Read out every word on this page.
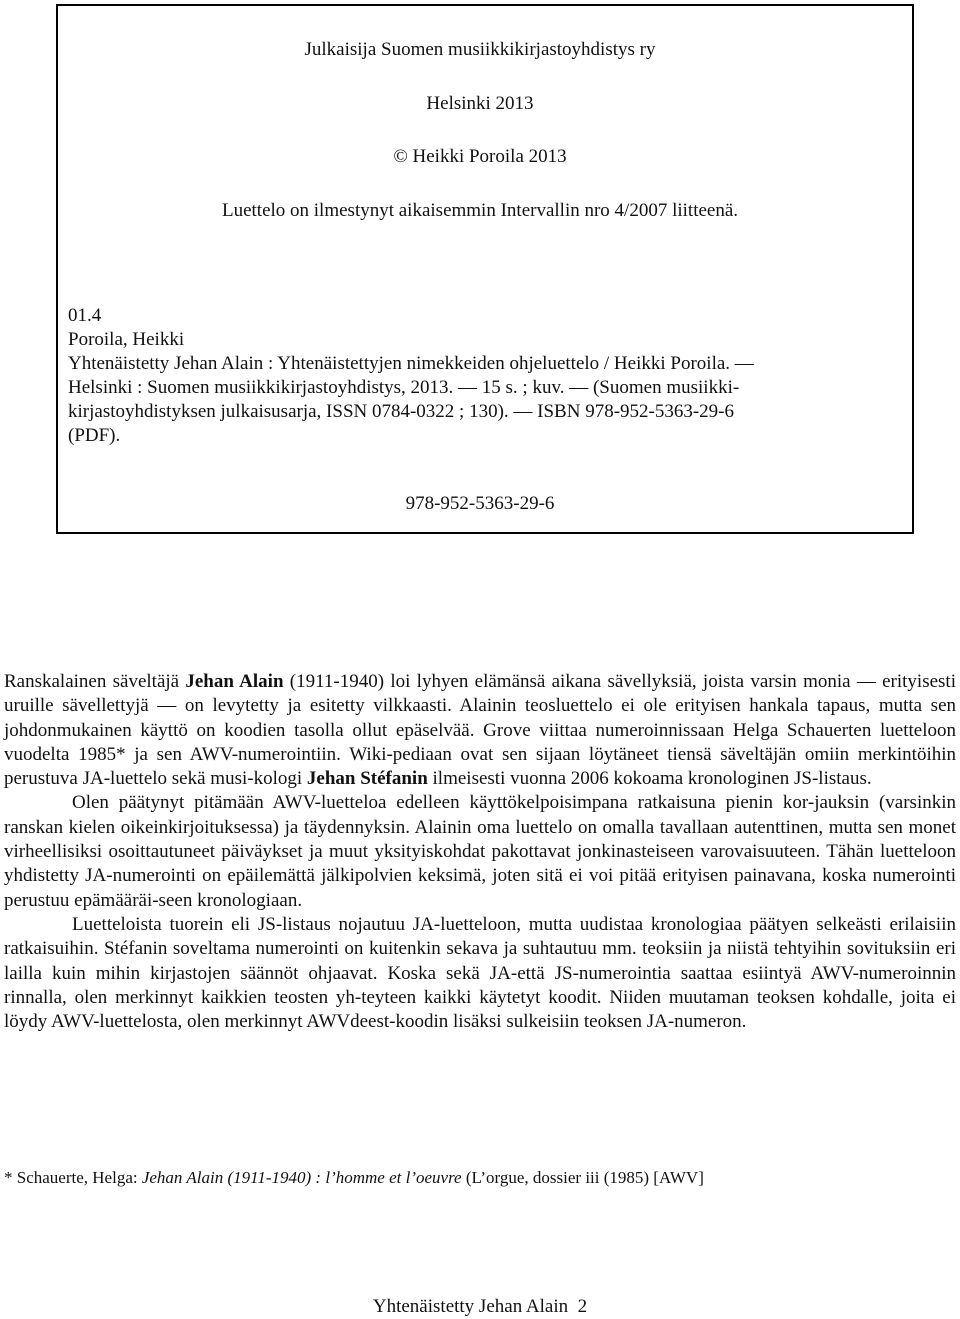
Julkaisija Suomen musiikkikirjastoyhdistys ry
Helsinki 2013
© Heikki Poroila 2013
Luettelo on ilmestynyt aikaisemmin Intervallin nro 4/2007 liitteenä.
01.4
Poroila, Heikki
Yhtenäistetty Jehan Alain : Yhtenäistettyjen nimekkeiden ohjeluettelo / Heikki Poroila. —
Helsinki : Suomen musiikkikirjastoyhdistys, 2013. — 15 s. ; kuv. — (Suomen musiikki-
kirjastoyhdistyksen julkaisusarja, ISSN 0784-0322 ; 130). — ISBN 978-952-5363-29-6
(PDF).
978-952-5363-29-6

Ranskalainen säveltäjä Jehan Alain (1911-1940) loi lyhyen elämänsä aikana sävellyksiä, joista varsin monia — erityisesti uruille sävellettyjä — on levytetty ja esitetty vilkkaasti. Alainin teosluettelo ei ole erityisen hankala tapaus, mutta sen johdonmukainen käyttö on koodien tasolla ollut epäselvää. Grove viittaa numeroinnissaan Helga Schauerten luetteloon vuodelta 1985* ja sen AWV-numerointiin. Wiki-pediaan ovat sen sijaan löytäneet tiensä säveltäjän omiin merkintöihin perustuva JA-luettelo sekä musi-kologi Jehan Stéfanin ilmeisesti vuonna 2006 kokoama kronologinen JS-listaus.

Olen päätynyt pitämään AWV-luetteloa edelleen käyttökelpoisimpana ratkaisuna pienin kor-jauksin (varsinkin ranskan kielen oikeinkirjoituksessa) ja täydennyksin. Alainin oma luettelo on omalla tavallaan autenttinen, mutta sen monet virheellisiksi osoittautuneet päiväykset ja muut yksityiskohdat pakottavat jonkinasteiseen varovaisuuteen. Tähän luetteloon yhdistetty JA-numerointi on epäilemättä jälkipolvien keksimä, joten sitä ei voi pitää erityisen painavana, koska numerointi perustuu epämääräi-seen kronologiaan.

Luetteloista tuorein eli JS-listaus nojautuu JA-luetteloon, mutta uudistaa kronologiaa päätyen selkeästi erilaisiin ratkaisuihin. Stéfanin soveltama numerointi on kuitenkin sekava ja suhtautuu mm. teoksiin ja niistä tehtyihin sovituksiin eri lailla kuin mihin kirjastojen säännöt ohjaavat. Koska sekä JA-että JS-numerointia saattaa esiintyä AWV-numeroinnin rinnalla, olen merkinnyt kaikkien teosten yh-teyteen kaikki käytetyt koodit. Niiden muutaman teoksen kohdalle, joita ei löydy AWV-luettelosta, olen merkinnyt AWVdeest-koodin lisäksi sulkeisiin teoksen JA-numeron.

* Schauerte, Helga: Jehan Alain (1911-1940) : l’homme et l’oeuvre (L’orgue, dossier iii (1985) [AWV]
Yhtenäistetty Jehan Alain 2
